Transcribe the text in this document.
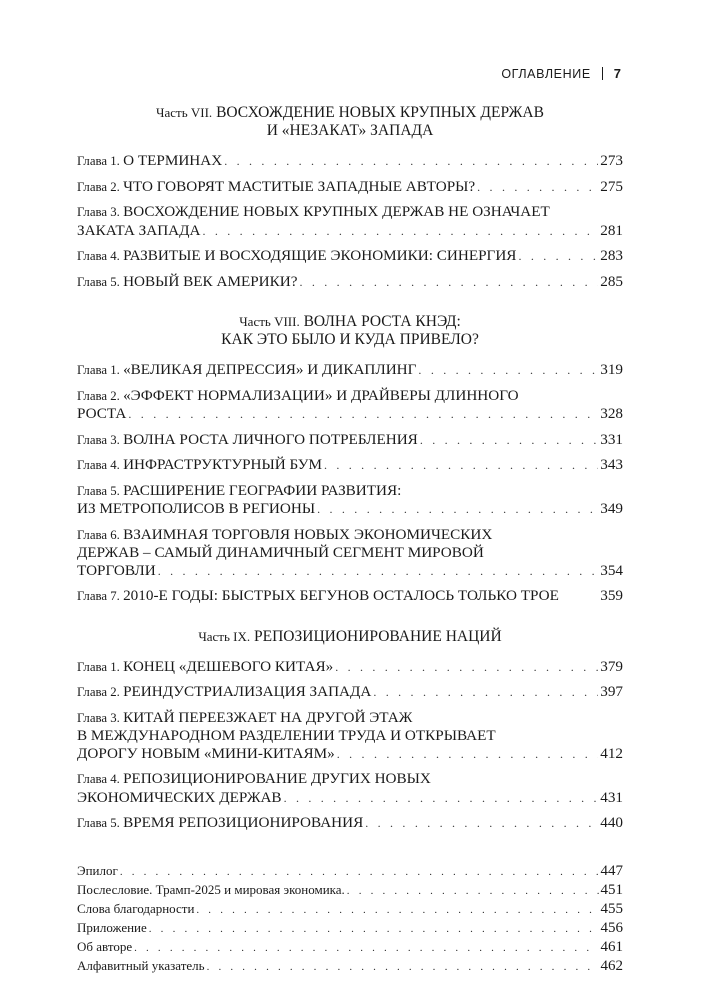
ОГЛАВЛЕНИЕ 7
Часть VII. ВОСХОЖДЕНИЕ НОВЫХ КРУПНЫХ ДЕРЖАВ
И «НЕЗАКАТ» ЗАПАДА
Глава 1. О ТЕРМИНАХ . . .	273
Глава 2. ЧТО ГОВОРЯТ МАСТИТЫЕ ЗАПАДНЫЕ АВТОРЫ? . . .	275
Глава 3. ВОСХОЖДЕНИЕ НОВЫХ КРУПНЫХ ДЕРЖАВ НЕ ОЗНАЧАЕТ
ЗАКАТА ЗАПАДА . . .	281
Глава 4. РАЗВИТЫЕ И ВОСХОДЯЩИЕ ЭКОНОМИКИ: СИНЕРГИЯ . . .	283
Глава 5. НОВЫЙ ВЕК АМЕРИКИ? . . .	285
Часть VIII. ВОЛНА РОСТА КНЭД:
КАК ЭТО БЫЛО И КУДА ПРИВЕЛО?
Глава 1. «ВЕЛИКАЯ ДЕПРЕССИЯ» И ДИКАПЛИНГ . . .	319
Глава 2. «ЭФФЕКТ НОРМАЛИЗАЦИИ» И ДРАЙВЕРЫ ДЛИННОГО
РОСТА . . .	328
Глава 3. ВОЛНА РОСТА ЛИЧНОГО ПОТРЕБЛЕНИЯ . . .	331
Глава 4. ИНФРАСТРУКТУРНЫЙ БУМ . . .	343
Глава 5. РАСШИРЕНИЕ ГЕОГРАФИИ РАЗВИТИЯ:
ИЗ МЕТРОПОЛИСОВ В РЕГИОНЫ . . .	349
Глава 6. ВЗАИМНАЯ ТОРГОВЛЯ НОВЫХ ЭКОНОМИЧЕСКИХ
ДЕРЖАВ – САМЫЙ ДИНАМИЧНЫЙ СЕГМЕНТ МИРОВОЙ
ТОРГОВЛИ . . .	354
Глава 7. 2010-Е ГОДЫ: БЫСТРЫХ БЕГУНОВ ОСТАЛОСЬ ТОЛЬКО ТРОЕ	359
Часть IX. РЕПОЗИЦИОНИРОВАНИЕ НАЦИЙ
Глава 1. КОНЕЦ «ДЕШЕВОГО КИТАЯ» . . .	379
Глава 2. РЕИНДУСТРИАЛИЗАЦИЯ ЗАПАДА . . .	397
Глава 3. КИТАЙ ПЕРЕЕЗЖАЕТ НА ДРУГОЙ ЭТАЖ
В МЕЖДУНАРОДНОМ РАЗДЕЛЕНИИ ТРУДА И ОТКРЫВАЕТ
ДОРОГУ НОВЫМ «МИНИ-КИТАЯМ» . . .	412
Глава 4. РЕПОЗИЦИОНИРОВАНИЕ ДРУГИХ НОВЫХ
ЭКОНОМИЧЕСКИХ ДЕРЖАВ . . .	431
Глава 5. ВРЕМЯ РЕПОЗИЦИОНИРОВАНИЯ . . .	440
Эпилог . . .	447
Послесловие. Трамп-2025 и мировая экономика. . . .	451
Слова благодарности . . .	455
Приложение . . .	456
Об авторе . . .	461
Алфавитный указатель . . .	462
